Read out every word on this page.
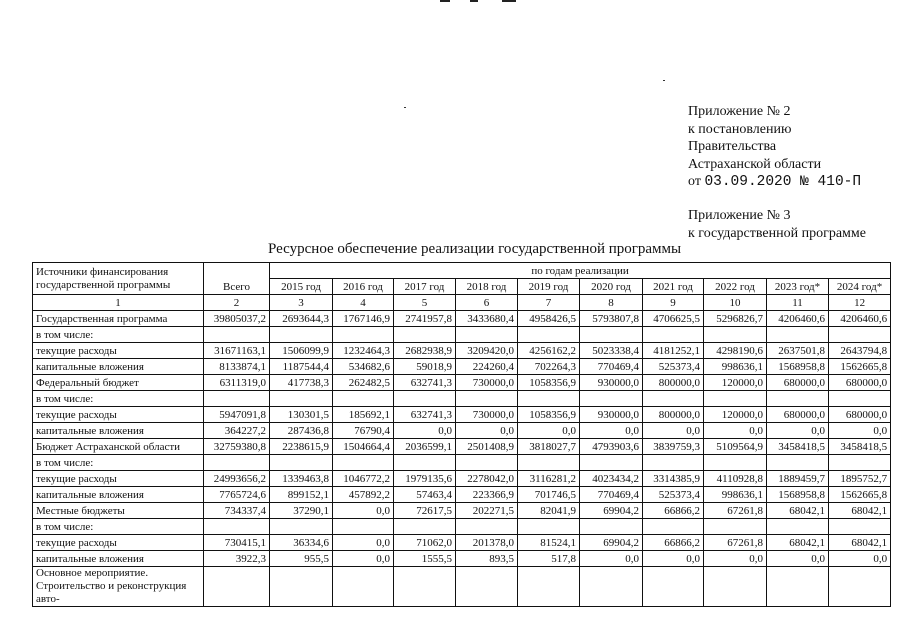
Приложение № 2
к постановлению
Правительства
Астраханской области
от 03.09.2020 № 410-П
Приложение № 3
к государственной программе
Ресурсное обеспечение реализации государственной программы
Источники финансирования государственной программы	Всего	по годам реализации									
		2015 год	2016 год	2017 год	2018 год	2019 год	2020 год	2021 год	2022 год	2023 год*	2024 год*
1	2	3	4	5	6	7	8	9	10	11	12
Государственная программа	39805037,2	2693644,3	1767146,9	2741957,8	3433680,4	4958426,5	5793807,8	4706625,5	5296826,7	4206460,6	4206460,6
в том числе:											
текущие расходы	31671163,1	1506099,9	1232464,3	2682938,9	3209420,0	4256162,2	5023338,4	4181252,1	4298190,6	2637501,8	2643794,8
капитальные вложения	8133874,1	1187544,4	534682,6	59018,9	224260,4	702264,3	770469,4	525373,4	998636,1	1568958,8	1562665,8
Федеральный бюджет	6311319,0	417738,3	262482,5	632741,3	730000,0	1058356,9	930000,0	800000,0	120000,0	680000,0	680000,0
в том числе:											
текущие расходы	5947091,8	130301,5	185692,1	632741,3	730000,0	1058356,9	930000,0	800000,0	120000,0	680000,0	680000,0
капитальные вложения	364227,2	287436,8	76790,4	0,0	0,0	0,0	0,0	0,0	0,0	0,0	0,0
Бюджет Астраханской области	32759380,8	2238615,9	1504664,4	2036599,1	2501408,9	3818027,7	4793903,6	3839759,3	5109564,9	3458418,5	3458418,5
в том числе:											
текущие расходы	24993656,2	1339463,8	1046772,2	1979135,6	2278042,0	3116281,2	4023434,2	3314385,9	4110928,8	1889459,7	1895752,7
капитальные вложения	7765724,6	899152,1	457892,2	57463,4	223366,9	701746,5	770469,4	525373,4	998636,1	1568958,8	1562665,8
Местные бюджеты	734337,4	37290,1	0,0	72617,5	202271,5	82041,9	69904,2	66866,2	67261,8	68042,1	68042,1
в том числе:											
текущие расходы	730415,1	36334,6	0,0	71062,0	201378,0	81524,1	69904,2	66866,2	67261,8	68042,1	68042,1
капитальные вложения	3922,3	955,5	0,0	1555,5	893,5	517,8	0,0	0,0	0,0	0,0	0,0
Основное мероприятие. Строительство и реконструкция авто-											
